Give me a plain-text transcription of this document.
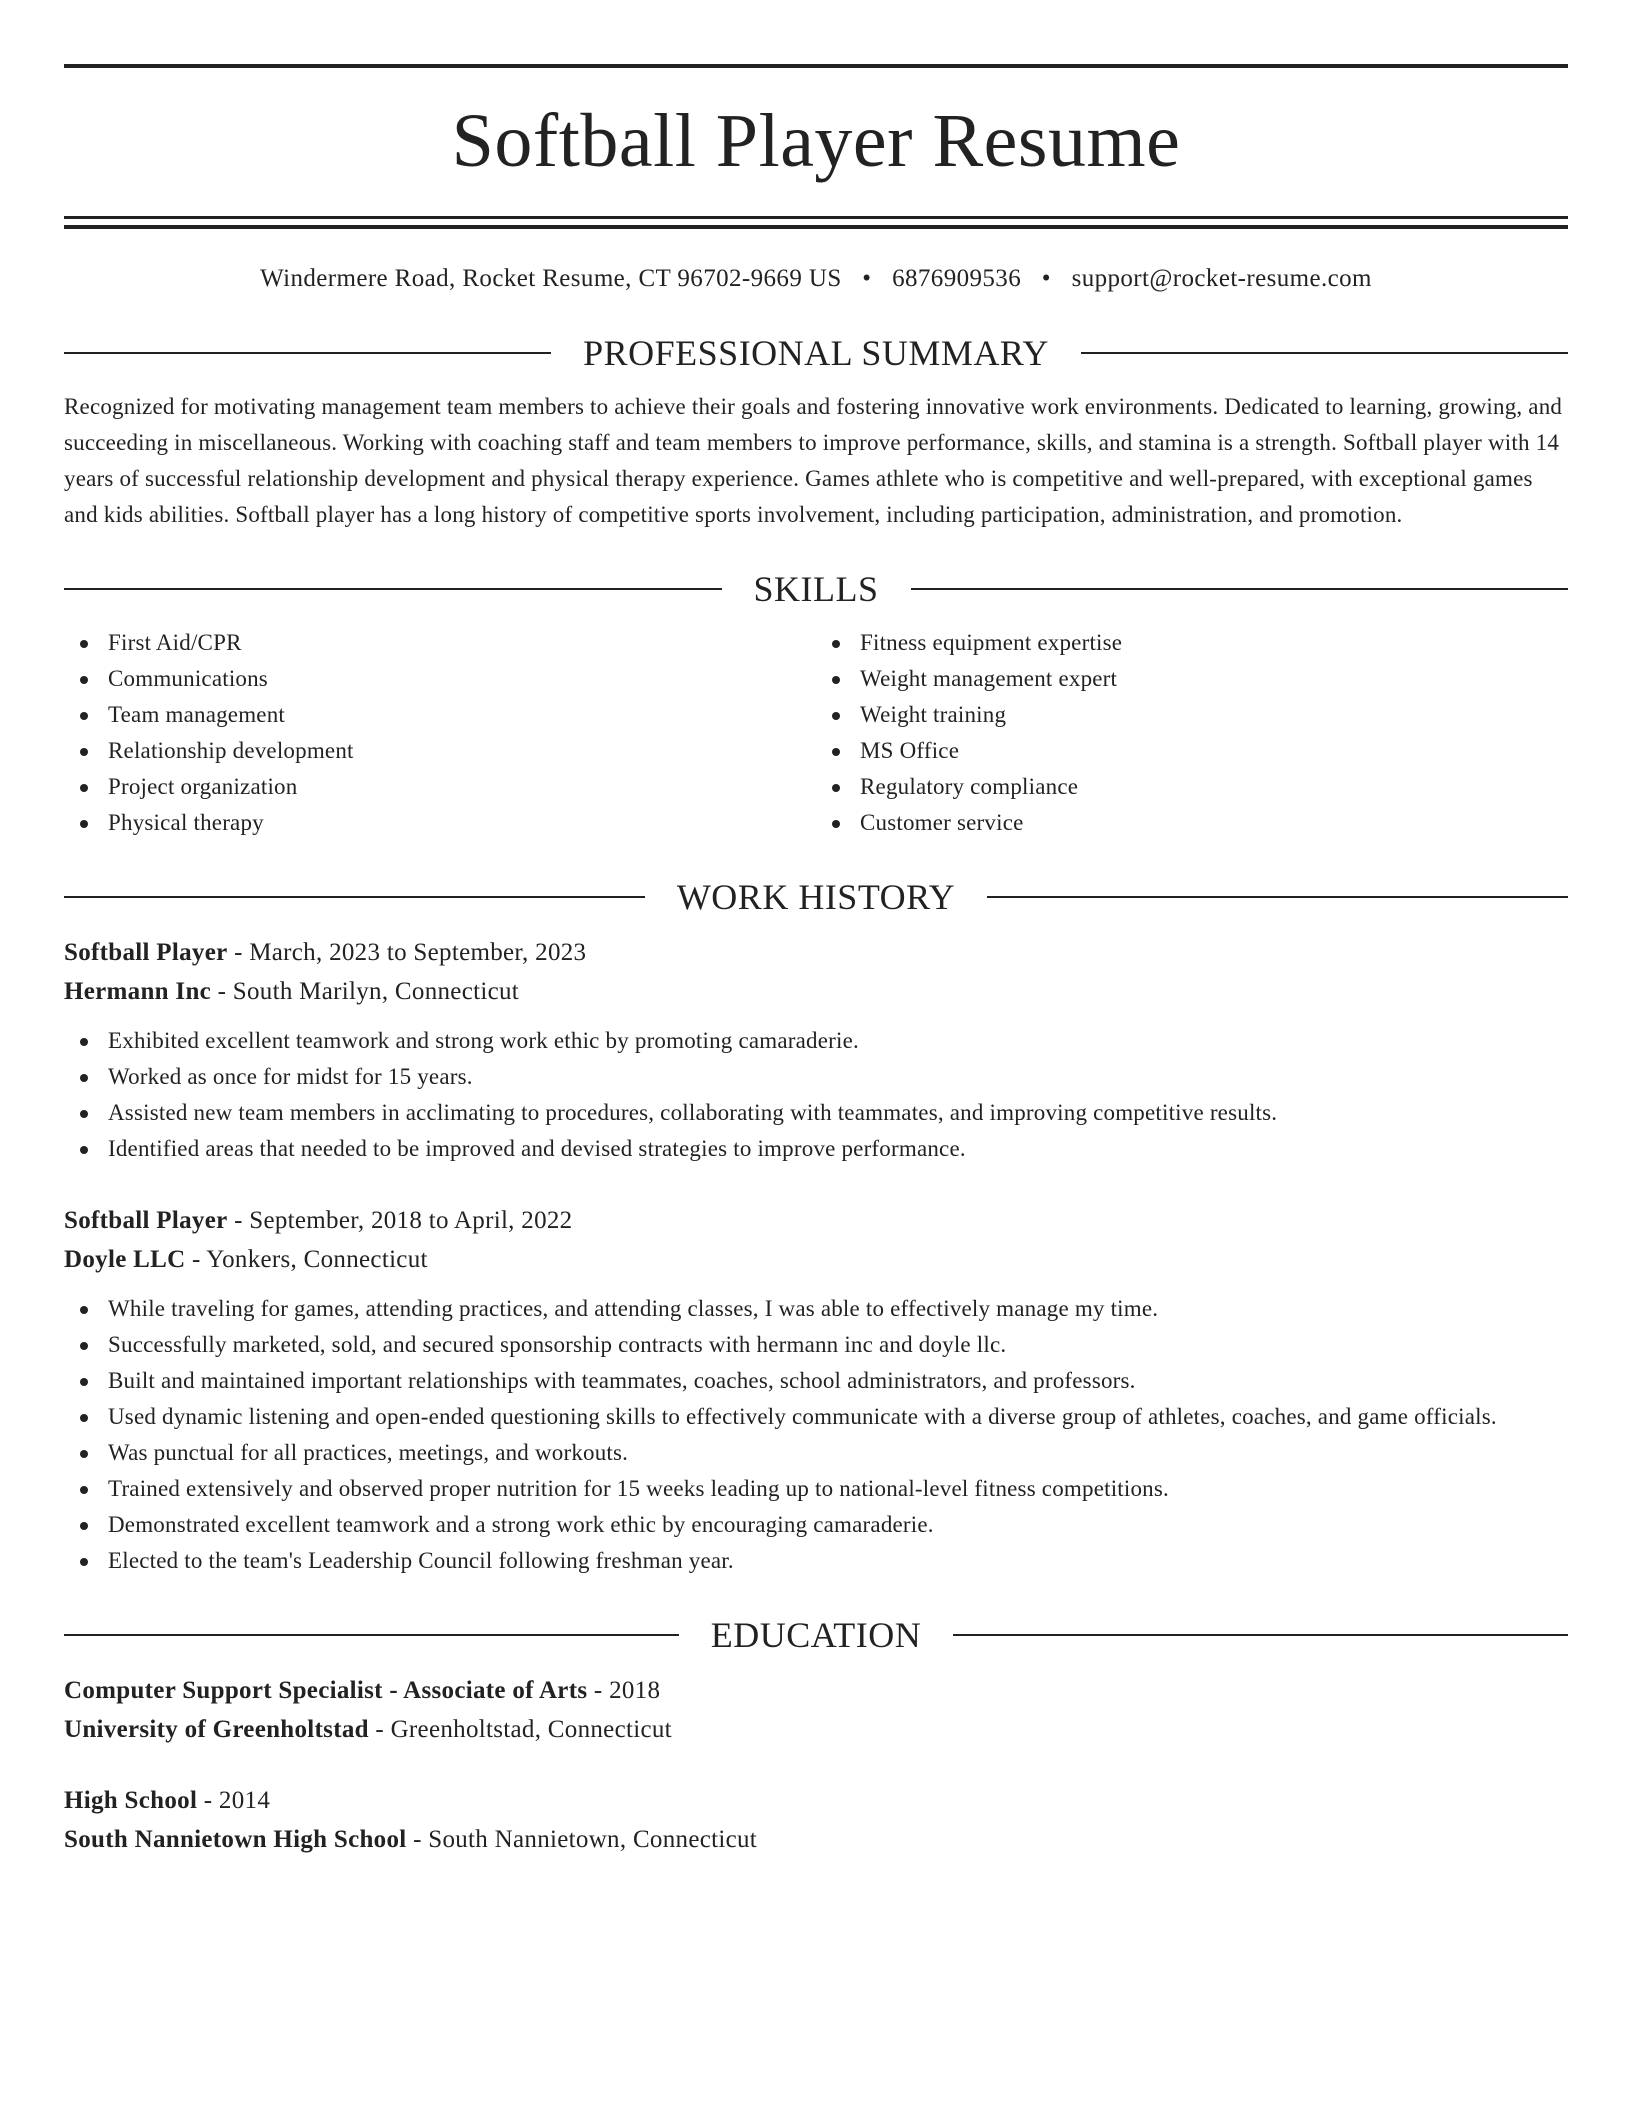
Softball Player Resume
Windermere Road, Rocket Resume, CT 96702-9669 US • 6876909536 • support@rocket-resume.com
PROFESSIONAL SUMMARY

Recognized for motivating management team members to achieve their goals and fostering innovative work environments. Dedicated to learning, growing, and succeeding in miscellaneous. Working with coaching staff and team members to improve performance, skills, and stamina is a strength. Softball player with 14 years of successful relationship development and physical therapy experience. Games athlete who is competitive and well-prepared, with exceptional games and kids abilities. Softball player has a long history of competitive sports involvement, including participation, administration, and promotion.

SKILLS
First Aid/CPR
Communications
Team management
Relationship development
Project organization
Physical therapy
Fitness equipment expertise
Weight management expert
Weight training
MS Office
Regulatory compliance
Customer service
WORK HISTORY
Softball Player - March, 2023 to September, 2023
Hermann Inc - South Marilyn, Connecticut
Exhibited excellent teamwork and strong work ethic by promoting camaraderie.
Worked as once for midst for 15 years.
Assisted new team members in acclimating to procedures, collaborating with teammates, and improving competitive results.
Identified areas that needed to be improved and devised strategies to improve performance.
Softball Player - September, 2018 to April, 2022
Doyle LLC - Yonkers, Connecticut
While traveling for games, attending practices, and attending classes, I was able to effectively manage my time.
Successfully marketed, sold, and secured sponsorship contracts with hermann inc and doyle llc.
Built and maintained important relationships with teammates, coaches, school administrators, and professors.
Used dynamic listening and open-ended questioning skills to effectively communicate with a diverse group of athletes, coaches, and game officials.
Was punctual for all practices, meetings, and workouts.
Trained extensively and observed proper nutrition for 15 weeks leading up to national-level fitness competitions.
Demonstrated excellent teamwork and a strong work ethic by encouraging camaraderie.
Elected to the team's Leadership Council following freshman year.
EDUCATION
Computer Support Specialist - Associate of Arts - 2018
University of Greenholtstad - Greenholtstad, Connecticut
High School - 2014
South Nannietown High School - South Nannietown, Connecticut
